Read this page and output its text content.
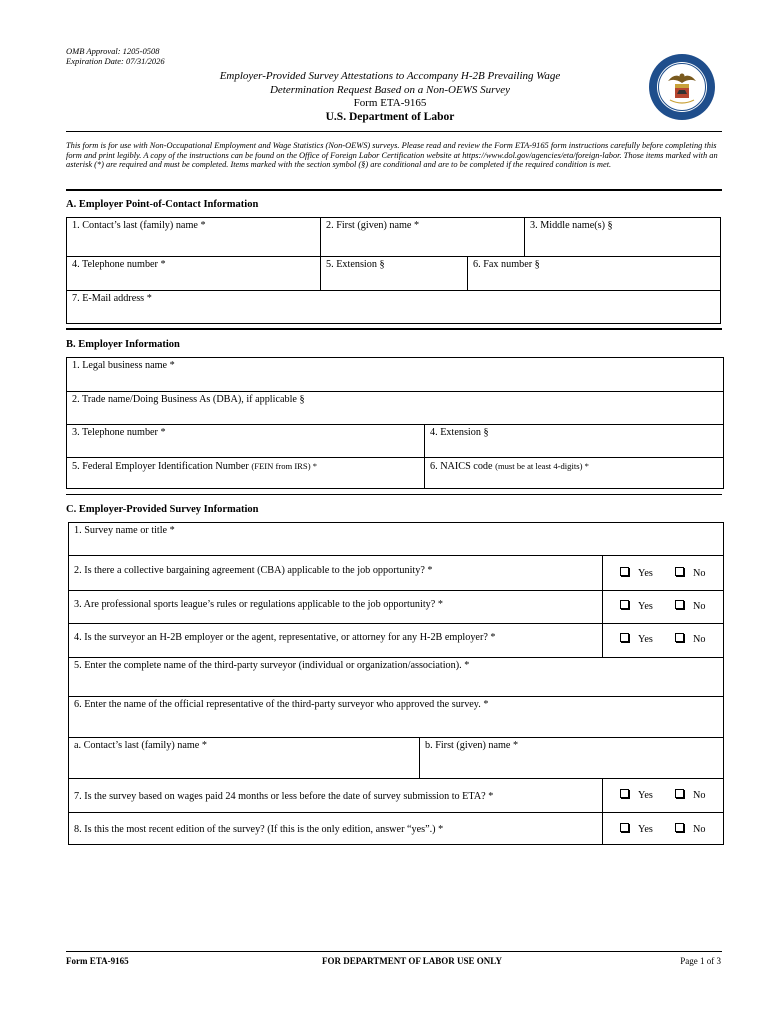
OMB Approval: 1205-0508
Expiration Date: 07/31/2026
Employer-Provided Survey Attestations to Accompany H-2B Prevailing Wage
Determination Request Based on a Non-OEWS Survey
Form ETA-9165
U.S. Department of Labor
This form is for use with Non-Occupational Employment and Wage Statistics (Non-OEWS) surveys. Please read and review the Form ETA-9165 form instructions carefully before completing this form and print legibly. A copy of the instructions can be found on the Office of Foreign Labor Certification website at https://www.dol.gov/agencies/eta/foreign-labor. Those items marked with an asterisk (*) are required and must be completed. Items marked with the section symbol (§) are conditional and are to be completed if the required condition is met.
A. Employer Point-of-Contact Information
1. Contact’s last (family) name *	2. First (given) name *	3. Middle name(s) §
4. Telephone number *	5. Extension §	6. Fax number §
7. E-Mail address *
B. Employer Information
1. Legal business name *
2. Trade name/Doing Business As (DBA), if applicable §
3. Telephone number *	4. Extension §
5. Federal Employer Identification Number (FEIN from IRS) *	6. NAICS code (must be at least 4-digits) *
C. Employer-Provided Survey Information
1. Survey name or title *
2. Is there a collective bargaining agreement (CBA) applicable to the job opportunity? *	Yes	No
3. Are professional sports league’s rules or regulations applicable to the job opportunity? *	Yes	No
4. Is the surveyor an H-2B employer or the agent, representative, or attorney for any H-2B employer? *	Yes	No
5. Enter the complete name of the third-party surveyor (individual or organization/association). *
6. Enter the name of the official representative of the third-party surveyor who approved the survey. *
a. Contact’s last (family) name *	b. First (given) name *
7. Is the survey based on wages paid 24 months or less before the date of survey submission to ETA? *	Yes	No
8. Is this the most recent edition of the survey? (If this is the only edition, answer “yes”.) *	Yes	No
Form ETA-9165	FOR DEPARTMENT OF LABOR USE ONLY	Page 1 of 3
